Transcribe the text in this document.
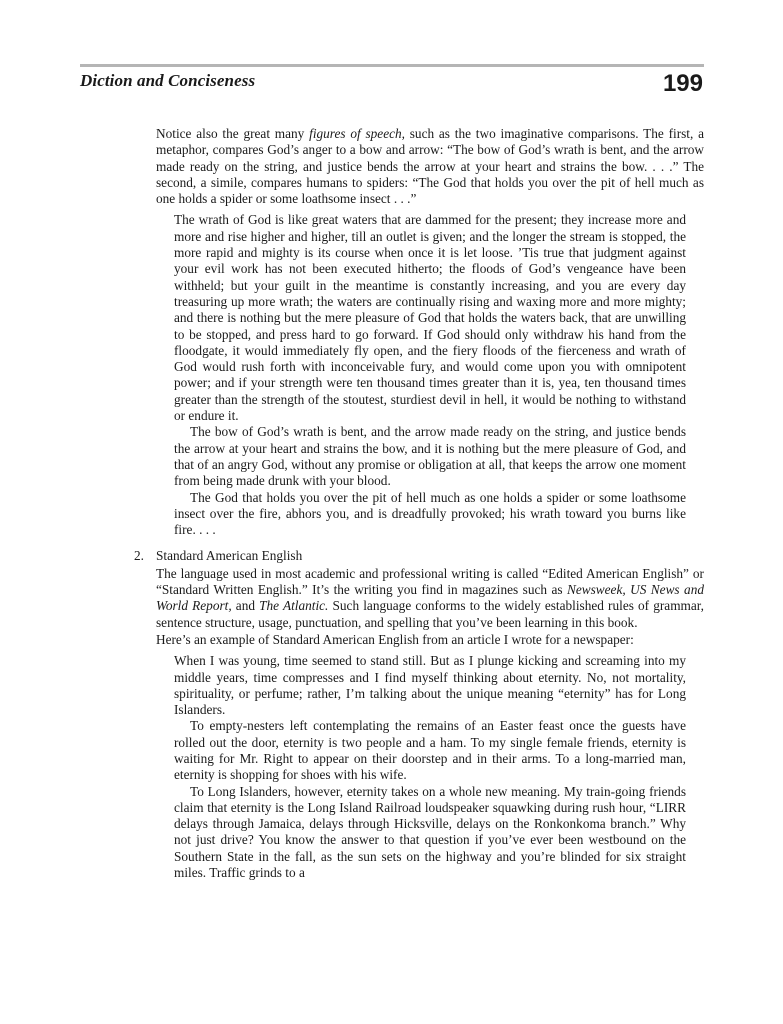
Diction and Conciseness	199

Notice also the great many figures of speech, such as the two imaginative comparisons. The first, a metaphor, compares God’s anger to a bow and arrow: “The bow of God’s wrath is bent, and the arrow made ready on the string, and justice bends the arrow at your heart and strains the bow. . . .” The second, a simile, compares humans to spiders: “The God that holds you over the pit of hell much as one holds a spider or some loathsome insect . . .”

The wrath of God is like great waters that are dammed for the present; they increase more and more and rise higher and higher, till an outlet is given; and the longer the stream is stopped, the more rapid and mighty is its course when once it is let loose. ’Tis true that judgment against your evil work has not been executed hitherto; the floods of God’s vengeance have been withheld; but your guilt in the meantime is constantly increasing, and you are every day treasuring up more wrath; the waters are continually rising and waxing more and more mighty; and there is nothing but the mere pleasure of God that holds the waters back, that are unwilling to be stopped, and press hard to go forward. If God should only withdraw his hand from the floodgate, it would immediately fly open, and the fiery floods of the fierceness and wrath of God would rush forth with inconceivable fury, and would come upon you with omnipotent power; and if your strength were ten thousand times greater than it is, yea, ten thousand times greater than the strength of the stoutest, sturdiest devil in hell, it would be nothing to withstand or endure it.

The bow of God’s wrath is bent, and the arrow made ready on the string, and justice bends the arrow at your heart and strains the bow, and it is nothing but the mere pleasure of God, and that of an angry God, without any promise or obligation at all, that keeps the arrow one moment from being made drunk with your blood.

The God that holds you over the pit of hell much as one holds a spider or some loathsome insect over the fire, abhors you, and is dreadfully provoked; his wrath toward you burns like fire. . . .

2. Standard American English

The language used in most academic and professional writing is called “Edited American English” or “Standard Written English.” It’s the writing you find in magazines such as Newsweek, US News and World Report, and The Atlantic. Such language conforms to the widely established rules of grammar, sentence structure, usage, punctuation, and spelling that you’ve been learning in this book.

Here’s an example of Standard American English from an article I wrote for a newspaper:

When I was young, time seemed to stand still. But as I plunge kicking and screaming into my middle years, time compresses and I find myself thinking about eternity. No, not mortality, spirituality, or perfume; rather, I’m talking about the unique meaning “eternity” has for Long Islanders.

To empty-nesters left contemplating the remains of an Easter feast once the guests have rolled out the door, eternity is two people and a ham. To my single female friends, eternity is waiting for Mr. Right to appear on their doorstep and in their arms. To a long-married man, eternity is shopping for shoes with his wife.

To Long Islanders, however, eternity takes on a whole new meaning. My train-going friends claim that eternity is the Long Island Railroad loudspeaker squawking during rush hour, “LIRR delays through Jamaica, delays through Hicksville, delays on the Ronkonkoma branch.” Why not just drive? You know the answer to that question if you’ve ever been westbound on the Southern State in the fall, as the sun sets on the highway and you’re blinded for six straight miles. Traffic grinds to a
